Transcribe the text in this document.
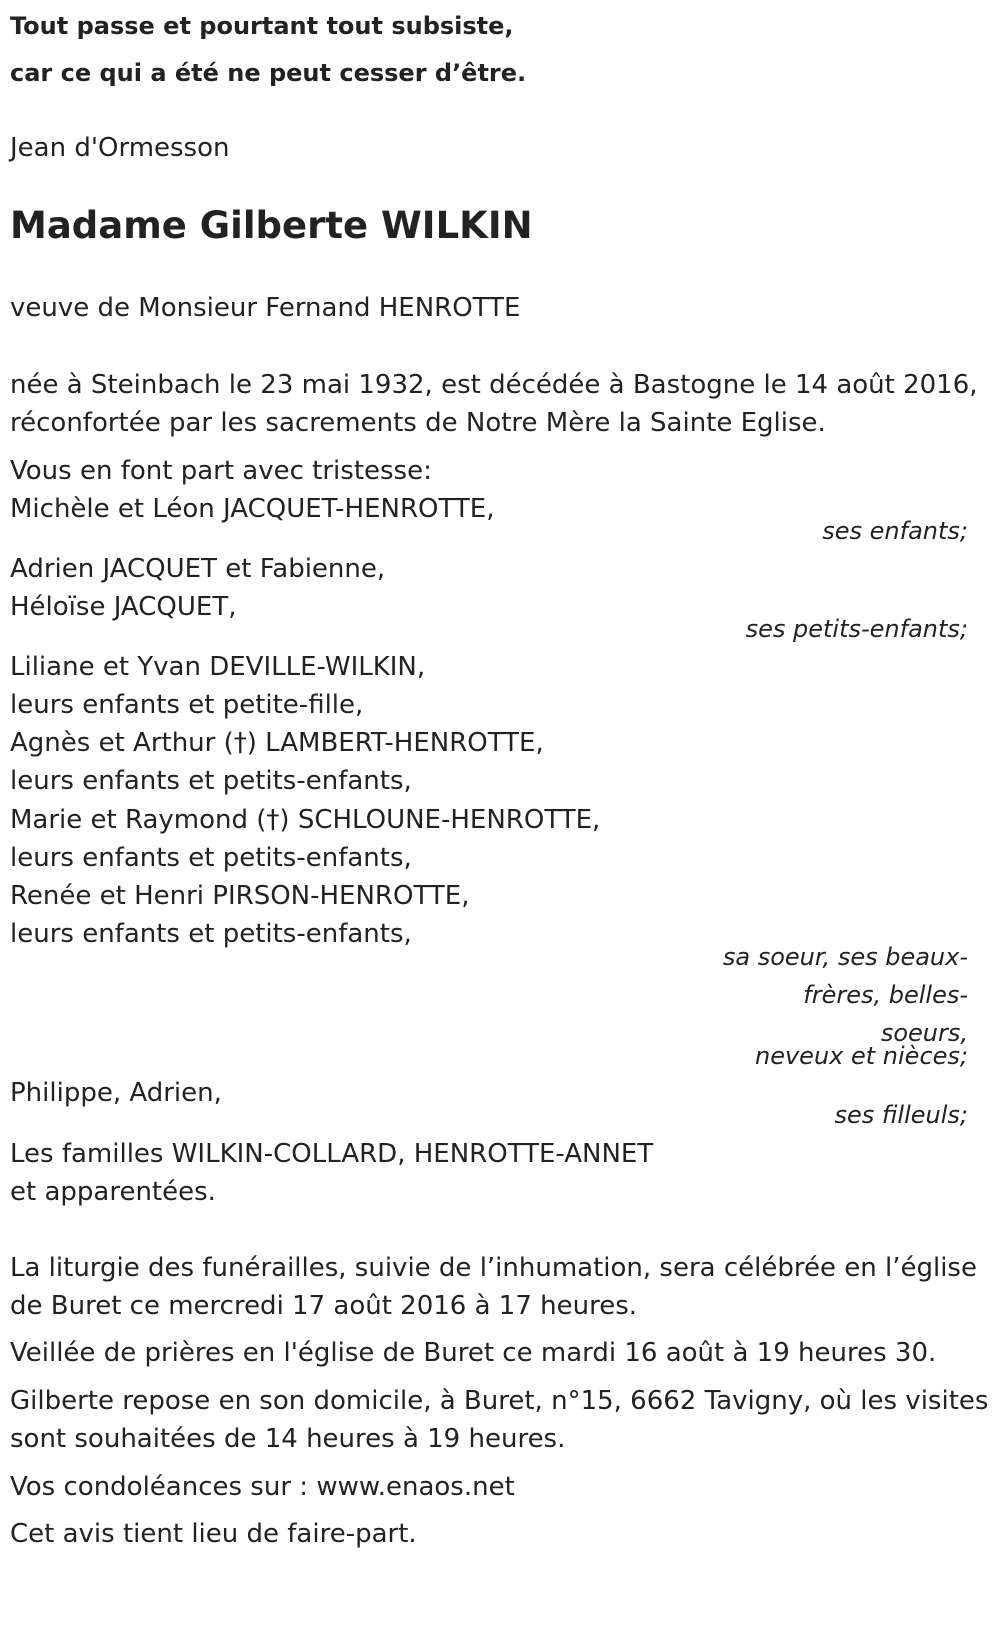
Tout passe et pourtant tout subsiste,
car ce qui a été ne peut cesser d’être.
Jean d'Ormesson
Madame Gilberte WILKIN
veuve de Monsieur Fernand HENROTTE
née à Steinbach le 23 mai 1932, est décédée à Bastogne le 14 août 2016,
réconfortée par les sacrements de Notre Mère la Sainte Eglise.
Vous en font part avec tristesse:
Michèle et Léon JACQUET-HENROTTE,
ses enfants;
Adrien JACQUET et Fabienne,
Héloïse JACQUET,
ses petits-enfants;
Liliane et Yvan DEVILLE-WILKIN,
leurs enfants et petite-fille,
Agnès et Arthur (†) LAMBERT-HENROTTE,
leurs enfants et petits-enfants,
Marie et Raymond (†) SCHLOUNE-HENROTTE,
leurs enfants et petits-enfants,
Renée et Henri PIRSON-HENROTTE,
leurs enfants et petits-enfants,
sa soeur, ses beaux-
frères, belles-
soeurs,
neveux et nièces;
Philippe, Adrien,
ses filleuls;
Les familles WILKIN-COLLARD, HENROTTE-ANNET
et apparentées.
La liturgie des funérailles, suivie de l’inhumation, sera célébrée en l’église
de Buret ce mercredi 17 août 2016 à 17 heures.
Veillée de prières en l'église de Buret ce mardi 16 août à 19 heures 30.
Gilberte repose en son domicile, à Buret, n°15, 6662 Tavigny, où les visites
sont souhaitées de 14 heures à 19 heures.
Vos condoléances sur : www.enaos.net
Cet avis tient lieu de faire-part.
